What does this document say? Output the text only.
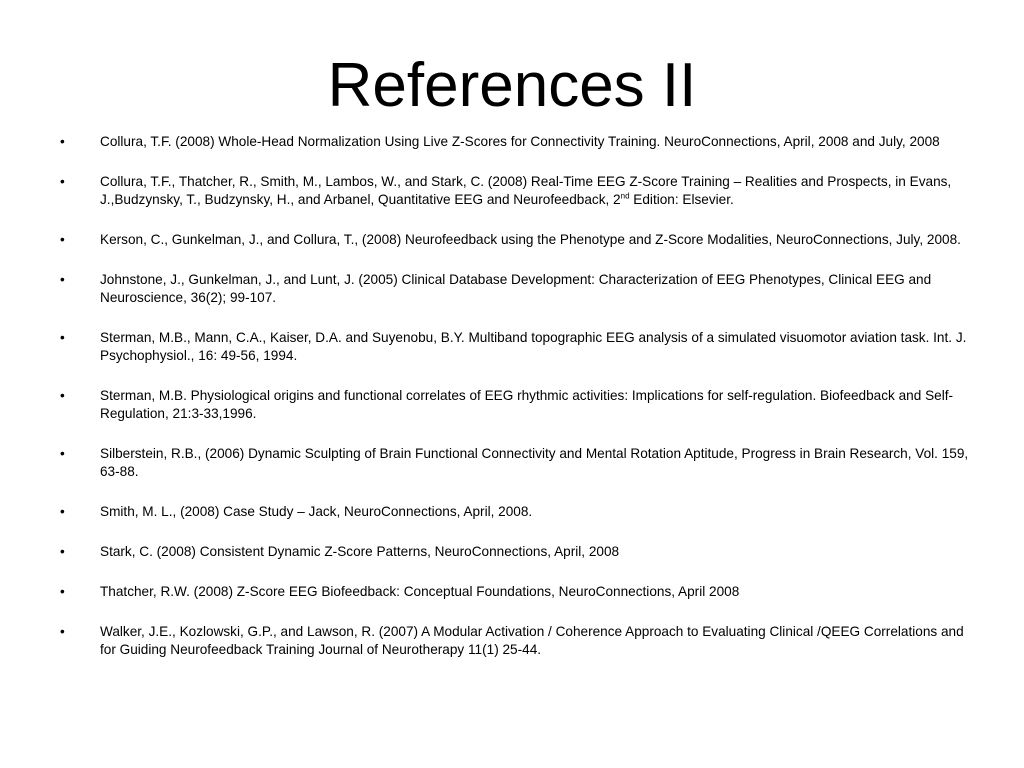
References II
•	Collura, T.F. (2008) Whole-Head Normalization Using Live Z-Scores for Connectivity Training. NeuroConnections, April, 2008 and July, 2008
•	Collura, T.F., Thatcher, R., Smith, M., Lambos, W., and Stark, C. (2008) Real-Time EEG Z-Score Training – Realities and Prospects, in Evans, J.,Budzynsky, T., Budzynsky, H., and Arbanel, Quantitative EEG and Neurofeedback, 2nd Edition: Elsevier.
•	Kerson, C., Gunkelman, J., and Collura, T., (2008) Neurofeedback using the Phenotype and Z-Score Modalities, NeuroConnections, July, 2008.
•	Johnstone, J., Gunkelman, J., and Lunt, J. (2005) Clinical Database Development: Characterization of EEG Phenotypes, Clinical EEG and Neuroscience, 36(2); 99-107.
•	Sterman, M.B., Mann, C.A., Kaiser, D.A. and Suyenobu, B.Y. Multiband topographic EEG analysis of a simulated visuomotor aviation task. Int. J. Psychophysiol., 16: 49-56, 1994.
•	Sterman, M.B. Physiological origins and functional correlates of EEG rhythmic activities: Implications for self-regulation. Biofeedback and Self-Regulation, 21:3-33,1996.
•	Silberstein, R.B., (2006) Dynamic Sculpting of Brain Functional Connectivity and Mental Rotation Aptitude, Progress in Brain Research, Vol. 159, 63-88.
•	Smith, M. L., (2008) Case Study – Jack, NeuroConnections, April, 2008.
•	Stark, C. (2008) Consistent Dynamic Z-Score Patterns, NeuroConnections, April, 2008
•	Thatcher, R.W. (2008) Z-Score EEG Biofeedback: Conceptual Foundations, NeuroConnections, April 2008
•	Walker, J.E., Kozlowski, G.P., and Lawson, R. (2007) A Modular Activation / Coherence Approach to Evaluating Clinical /QEEG Correlations and for Guiding Neurofeedback Training Journal of Neurotherapy 11(1) 25-44.
